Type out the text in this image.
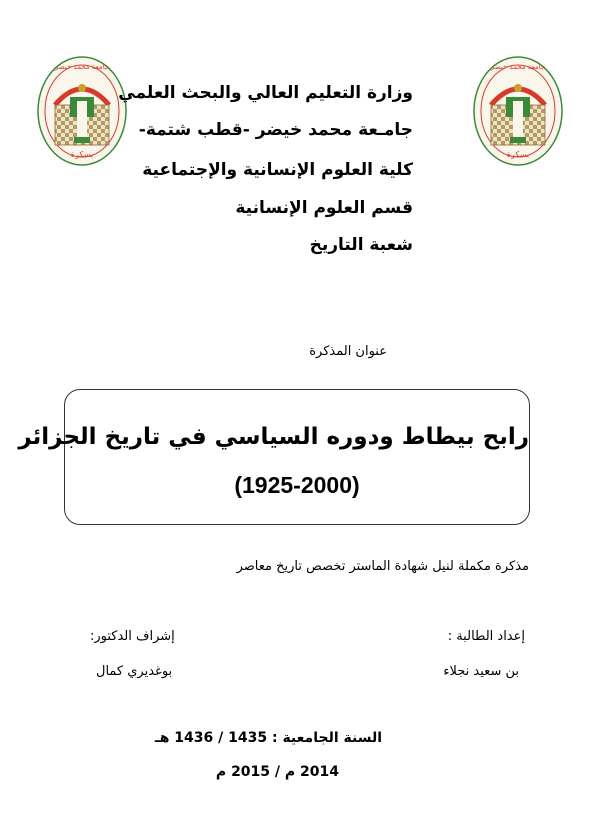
جامعة محمد خيضر
بسكرة
جامعة محمد خيضر
بسكرة
وزارة التعليم العالي والبحث العلمي
جامـعة محمد خيضر -قطب شتمة-
كلية العلوم الإنسانية والإجتماعية
قسم العلوم الإنسانية
شعبة التاريخ
عنوان المذكرة
رابح بيطاط ودوره السياسي في تاريخ الجزائر
(1925-2000)
مذكرة مكملة لنيل شهادة الماستر تخصص تاريخ معاصر
إعداد الطالبة :
إشراف الدكتور:
بن سعيد نجلاء
بوغديري كمال
السنة الجامعية : 1435 / 1436 هـ
2014 م / 2015 م
